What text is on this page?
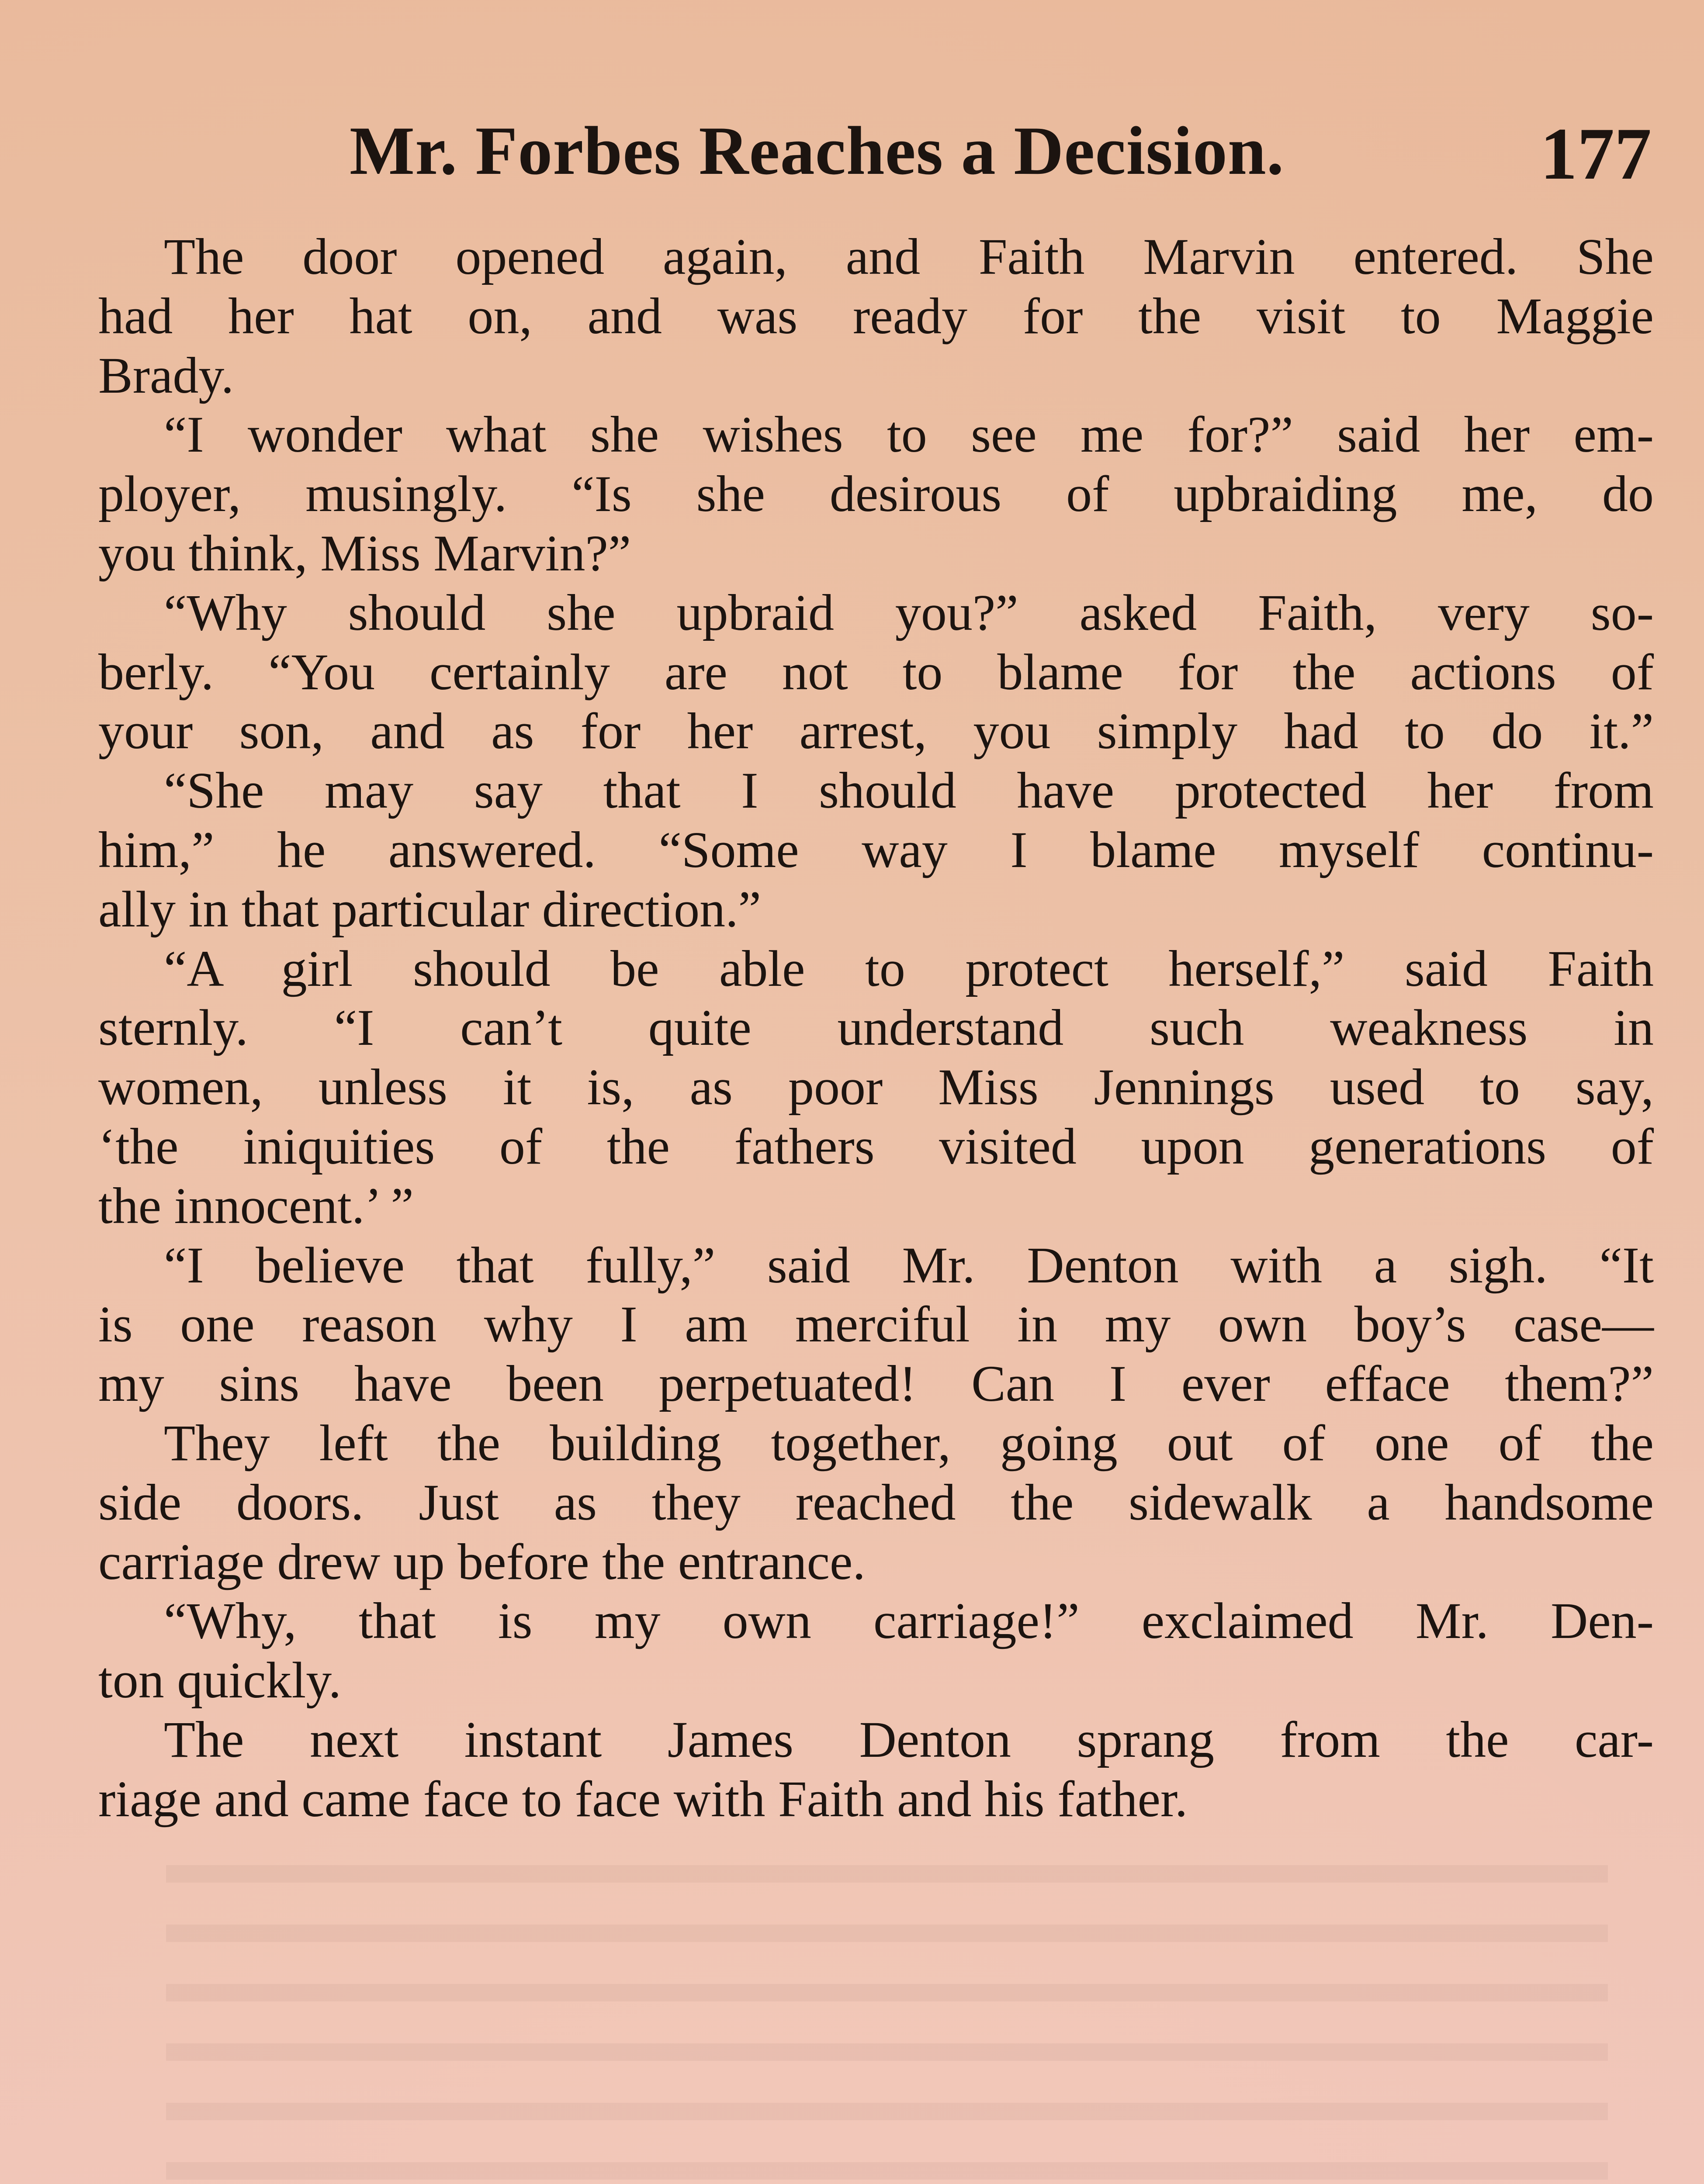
Mr. Forbes Reaches a Decision.	177
The door opened again, and Faith Marvin entered. She
had her hat on, and was ready for the visit to Maggie
Brady.
“I wonder what she wishes to see me for?” said her em-
ployer, musingly. “Is she desirous of upbraiding me, do
you think, Miss Marvin?”
“Why should she upbraid you?” asked Faith, very so-
berly. “You certainly are not to blame for the actions of
your son, and as for her arrest, you simply had to do it.”
“She may say that I should have protected her from
him,” he answered. “Some way I blame myself continu-
ally in that particular direction.”
“A girl should be able to protect herself,” said Faith
sternly. “I can’t quite understand such weakness in
women, unless it is, as poor Miss Jennings used to say,
‘the iniquities of the fathers visited upon generations of
the innocent.’ ”
“I believe that fully,” said Mr. Denton with a sigh. “It
is one reason why I am merciful in my own boy’s case—
my sins have been perpetuated! Can I ever efface them?”
They left the building together, going out of one of the
side doors. Just as they reached the sidewalk a handsome
carriage drew up before the entrance.
“Why, that is my own carriage!” exclaimed Mr. Den-
ton quickly.
The next instant James Denton sprang from the car-
riage and came face to face with Faith and his father.
